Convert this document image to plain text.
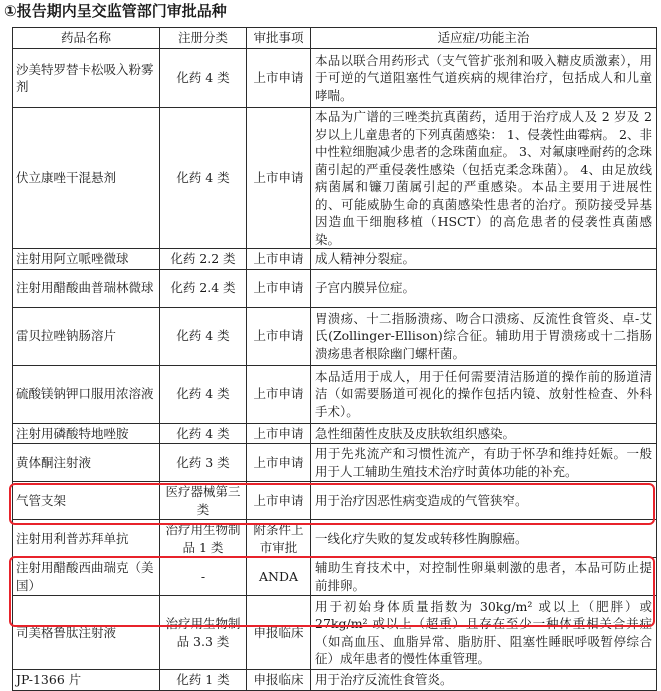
①报告期内呈交监管部门审批品种
药品名称	注册分类	审批事项	适应症/功能主治
沙美特罗替卡松吸入粉雾剂	化药 4 类	上市申请	本品以联合用药形式（支气管扩张剂和吸入糖皮质激素），用于可逆的气道阻塞性气道疾病的规律治疗，包括成人和儿童哮喘。
伏立康唑干混悬剂	化药 4 类	上市申请	本品为广谱的三唑类抗真菌药，适用于治疗成人及 2 岁及 2 岁以上儿童患者的下列真菌感染： 1、侵袭性曲霉病。 2、非中性粒细胞减少患者的念珠菌血症。 3、对氟康唑耐药的念珠菌引起的严重侵袭性感染（包括克柔念珠菌）。 4、由足放线病菌属和镰刀菌属引起的严重感染。本品主要用于进展性的、可能威胁生命的真菌感染性患者的治疗。预防接受异基因造血干细胞移植（HSCT）的高危患者的侵袭性真菌感染。
注射用阿立哌唑微球	化药 2.2 类	上市申请	成人精神分裂症。
注射用醋酸曲普瑞林微球	化药 2.4 类	上市申请	子宫内膜异位症。
雷贝拉唑钠肠溶片	化药 4 类	上市申请	胃溃疡、十二指肠溃疡、吻合口溃疡、反流性食管炎、卓-艾氏(Zollinger-Ellison)综合征。辅助用于胃溃疡或十二指肠溃疡患者根除幽门螺杆菌。
硫酸镁钠钾口服用浓溶液	化药 4 类	上市申请	本品适用于成人，用于任何需要清洁肠道的操作前的肠道清洁（如需要肠道可视化的操作包括内镜、放射性检查、外科手术）。
注射用磷酸特地唑胺	化药 4 类	上市申请	急性细菌性皮肤及皮肤软组织感染。
黄体酮注射液	化药 3 类	上市申请	用于先兆流产和习惯性流产，有助于怀孕和维持妊娠。一般用于人工辅助生殖技术治疗时黄体功能的补充。
气管支架	医疗器械第三类	上市申请	用于治疗因恶性病变造成的气管狭窄。
注射用利普苏拜单抗	治疗用生物制品 1 类	附条件上市审批	一线化疗失败的复发或转移性胸腺癌。
注射用醋酸西曲瑞克（美国）	-	ANDA	辅助生育技术中，对控制性卵巢刺激的患者，本品可防止提前排卵。
司美格鲁肽注射液	治疗用生物制品 3.3 类	申报临床	用于初始身体质量指数为 30kg/m² 或以上（肥胖）或 27kg/m² 或以上（超重）且存在至少一种体重相关合并症（如高血压、血脂异常、脂肪肝、阻塞性睡眠呼吸暂停综合征）成年患者的慢性体重管理。
JP-1366 片	化药 1 类	申报临床	用于治疗反流性食管炎。
